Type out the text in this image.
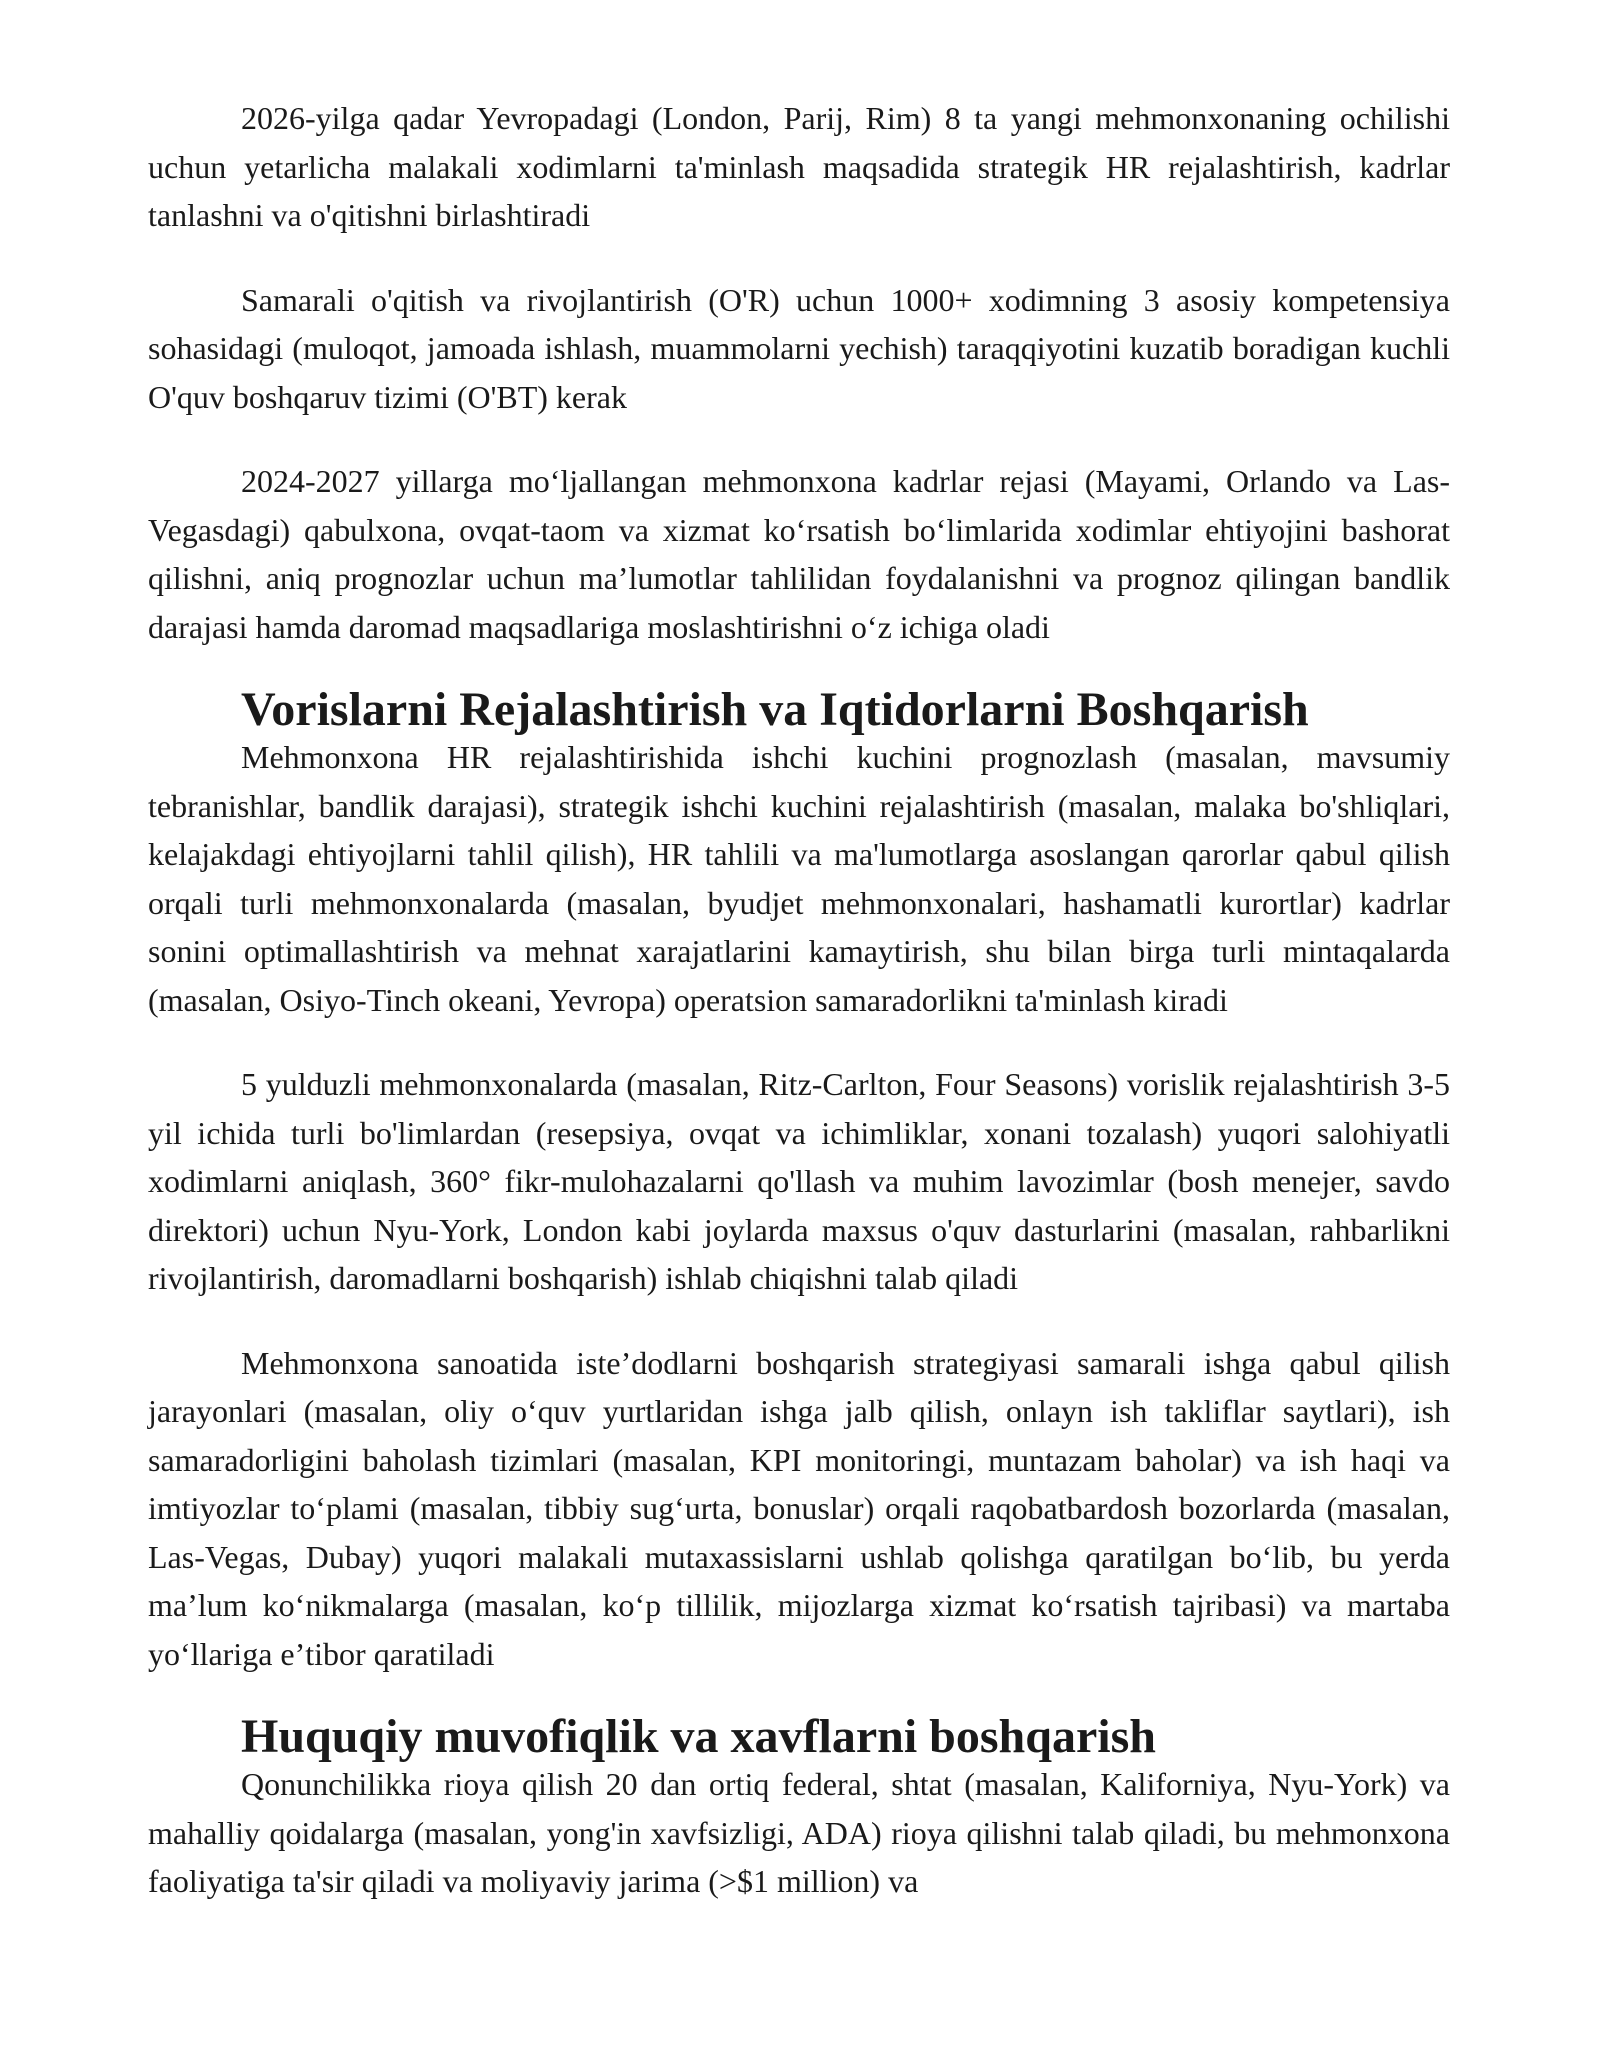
2026-yilga qadar Yevropadagi (London, Parij, Rim) 8 ta yangi mehmonxonaning ochilishi uchun yetarlicha malakali xodimlarni ta'minlash maqsadida strategik HR rejalashtirish, kadrlar tanlashni va o'qitishni birlashtiradi

Samarali o'qitish va rivojlantirish (O'R) uchun 1000+ xodimning 3 asosiy kompetensiya sohasidagi (muloqot, jamoada ishlash, muammolarni yechish) taraqqiyotini kuzatib boradigan kuchli O'quv boshqaruv tizimi (O'BT) kerak

2024-2027 yillarga moʻljallangan mehmonxona kadrlar rejasi (Mayami, Orlando va Las-Vegasdagi) qabulxona, ovqat-taom va xizmat koʻrsatish boʻlimlarida xodimlar ehtiyojini bashorat qilishni, aniq prognozlar uchun maʼlumotlar tahlilidan foydalanishni va prognoz qilingan bandlik darajasi hamda daromad maqsadlariga moslashtirishni oʻz ichiga oladi

Vorislarni Rejalashtirish va Iqtidorlarni Boshqarish

Mehmonxona HR rejalashtirishida ishchi kuchini prognozlash (masalan, mavsumiy tebranishlar, bandlik darajasi), strategik ishchi kuchini rejalashtirish (masalan, malaka bo'shliqlari, kelajakdagi ehtiyojlarni tahlil qilish), HR tahlili va ma'lumotlarga asoslangan qarorlar qabul qilish orqali turli mehmonxonalarda (masalan, byudjet mehmonxonalari, hashamatli kurortlar) kadrlar sonini optimallashtirish va mehnat xarajatlarini kamaytirish, shu bilan birga turli mintaqalarda (masalan, Osiyo-Tinch okeani, Yevropa) operatsion samaradorlikni ta'minlash kiradi

5 yulduzli mehmonxonalarda (masalan, Ritz-Carlton, Four Seasons) vorislik rejalashtirish 3-5 yil ichida turli bo'limlardan (resepsiya, ovqat va ichimliklar, xonani tozalash) yuqori salohiyatli xodimlarni aniqlash, 360° fikr-mulohazalarni qo'llash va muhim lavozimlar (bosh menejer, savdo direktori) uchun Nyu-York, London kabi joylarda maxsus o'quv dasturlarini (masalan, rahbarlikni rivojlantirish, daromadlarni boshqarish) ishlab chiqishni talab qiladi

Mehmonxona sanoatida isteʼdodlarni boshqarish strategiyasi samarali ishga qabul qilish jarayonlari (masalan, oliy oʻquv yurtlaridan ishga jalb qilish, onlayn ish takliflar saytlari), ish samaradorligini baholash tizimlari (masalan, KPI monitoringi, muntazam baholar) va ish haqi va imtiyozlar toʻplami (masalan, tibbiy sugʻurta, bonuslar) orqali raqobatbardosh bozorlarda (masalan, Las-Vegas, Dubay) yuqori malakali mutaxassislarni ushlab qolishga qaratilgan boʻlib, bu yerda maʼlum koʻnikmalarga (masalan, koʻp tillilik, mijozlarga xizmat koʻrsatish tajribasi) va martaba yoʻllariga eʼtibor qaratiladi

Huquqiy muvofiqlik va xavflarni boshqarish

Qonunchilikka rioya qilish 20 dan ortiq federal, shtat (masalan, Kaliforniya, Nyu-York) va mahalliy qoidalarga (masalan, yong'in xavfsizligi, ADA) rioya qilishni talab qiladi, bu mehmonxona faoliyatiga ta'sir qiladi va moliyaviy jarima (>$1 million) va
